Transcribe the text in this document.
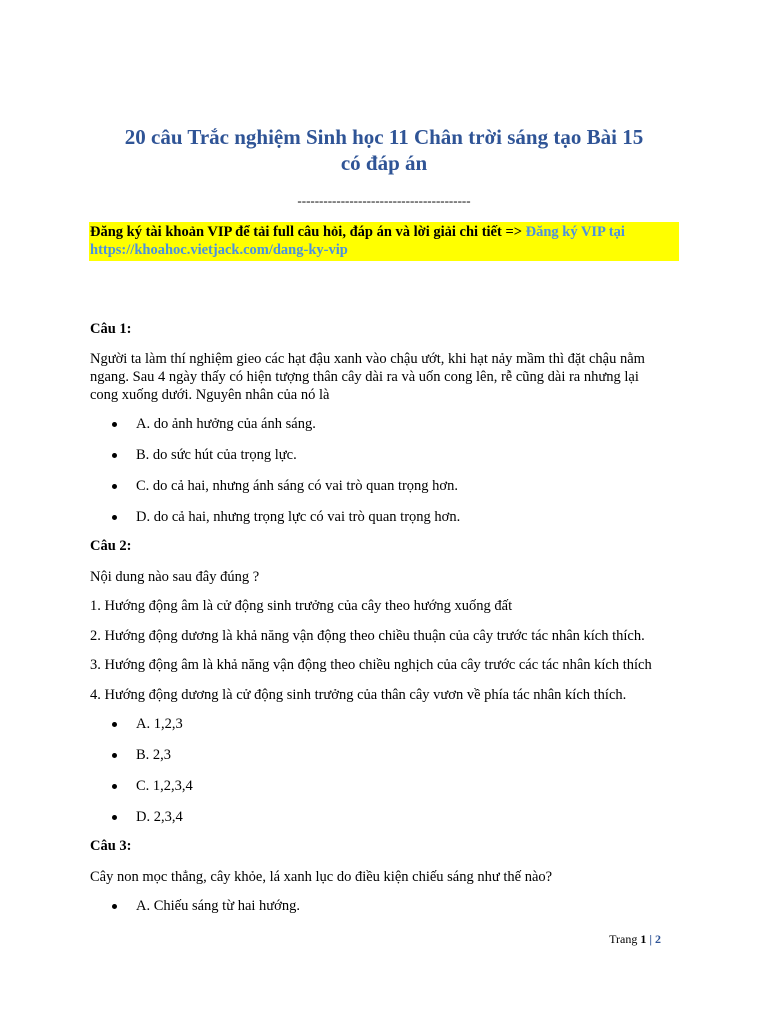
20 câu Trắc nghiệm Sinh học 11 Chân trời sáng tạo Bài 15
có đáp án
----------------------------------------
Đăng ký tài khoản VIP để tải full câu hỏi, đáp án và lời giải chi tiết => Đăng ký VIP tại https://khoahoc.vietjack.com/dang-ky-vip
Câu 1:
Người ta làm thí nghiệm gieo các hạt đậu xanh vào chậu ướt, khi hạt nảy mầm thì đặt chậu nằm
ngang. Sau 4 ngày thấy có hiện tượng thân cây dài ra và uốn cong lên, rễ cũng dài ra nhưng lại
cong xuống dưới. Nguyên nhân của nó là
A. do ảnh hưởng của ánh sáng.
B. do sức hút của trọng lực.
C. do cả hai, nhưng ánh sáng có vai trò quan trọng hơn.
D. do cả hai, nhưng trọng lực có vai trò quan trọng hơn.
Câu 2:
Nội dung nào sau đây đúng ?
1. Hướng động âm là cử động sinh trưởng của cây theo hướng xuống đất
2. Hướng động dương là khả năng vận động theo chiều thuận của cây trước tác nhân kích thích.
3. Hướng động âm là khả năng vận động theo chiều nghịch của cây trước các tác nhân kích thích
4. Hướng động dương là cử động sinh trưởng của thân cây vươn về phía tác nhân kích thích.
A. 1,2,3
B. 2,3
C. 1,2,3,4
D. 2,3,4
Câu 3:
Cây non mọc thẳng, cây khỏe, lá xanh lục do điều kiện chiếu sáng như thế nào?
A. Chiếu sáng từ hai hướng.
Trang 1 | 2
